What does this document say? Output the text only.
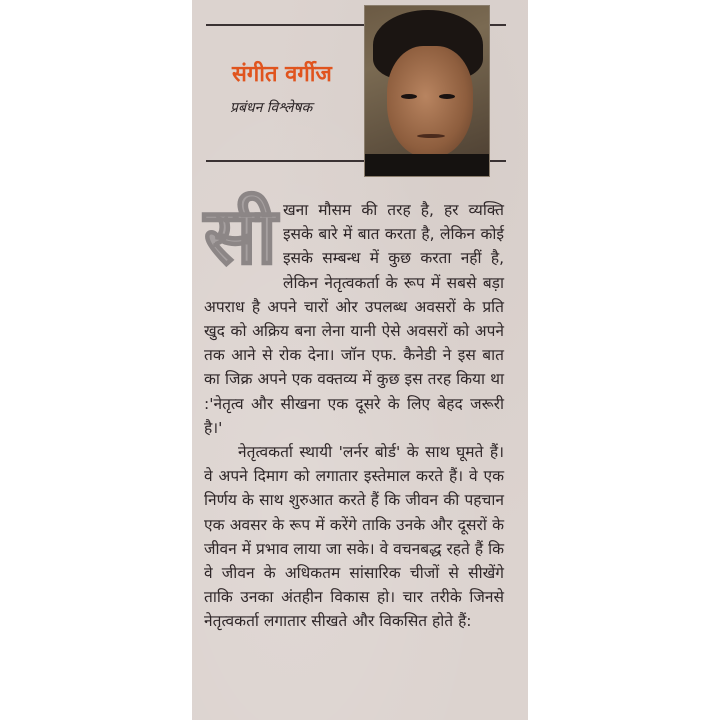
संगीत वर्गीज
प्रबंधन विश्लेषक

सीखना मौसम की तरह है, हर व्यक्ति इसके बारे में बात करता है, लेकिन कोई इसके सम्बन्ध में कुछ करता नहीं है, लेकिन नेतृत्वकर्ता के रूप में सबसे बड़ा अपराध है अपने चारों ओर उपलब्ध अवसरों के प्रति खुद को अक्रिय बना लेना यानी ऐसे अवसरों को अपने तक आने से रोक देना। जॉन एफ. कैनेडी ने इस बात का जिक्र अपने एक वक्तव्य में कुछ इस तरह किया था :'नेतृत्व और सीखना एक दूसरे के लिए बेहद जरूरी है।'

नेतृत्वकर्ता स्थायी 'लर्नर बोर्ड' के साथ घूमते हैं। वे अपने दिमाग को लगातार इस्तेमाल करते हैं। वे एक निर्णय के साथ शुरुआत करते हैं कि जीवन की पहचान एक अवसर के रूप में करेंगे ताकि उनके और दूसरों के जीवन में प्रभाव लाया जा सके। वे वचनबद्ध रहते हैं कि वे जीवन के अधिकतम सांसारिक चीजों से सीखेंगे ताकि उनका अंतहीन विकास हो। चार तरीके जिनसे नेतृत्वकर्ता लगातार सीखते और विकसित होते हैं:
